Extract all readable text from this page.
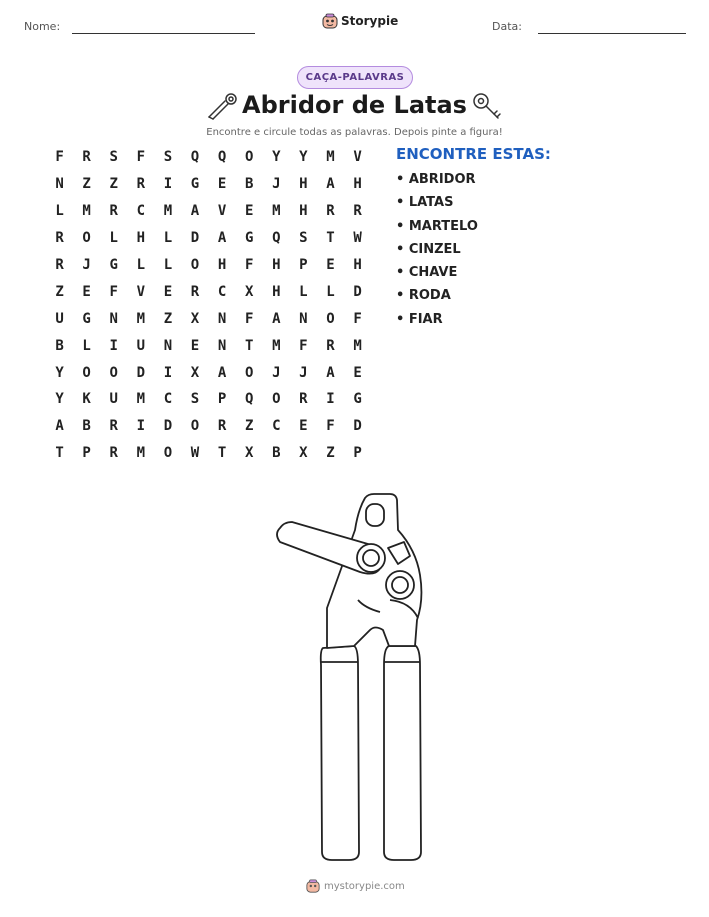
Nome:	Storypie	Data:
CAÇA-PALAVRAS
Abridor de Latas
Encontre e circule todas as palavras. Depois pinte a figura!
F	R	S	F	S	Q	Q	O	Y	Y	M	V
N	Z	Z	R	I	G	E	B	J	H	A	H
L	M	R	C	M	A	V	E	M	H	R	R
R	O	L	H	L	D	A	G	Q	S	T	W
R	J	G	L	L	O	H	F	H	P	E	H
Z	E	F	V	E	R	C	X	H	L	L	D
U	G	N	M	Z	X	N	F	A	N	O	F
B	L	I	U	N	E	N	T	M	F	R	M
Y	O	O	D	I	X	A	O	J	J	A	E
Y	K	U	M	C	S	P	Q	O	R	I	G
A	B	R	I	D	O	R	Z	C	E	F	D
T	P	R	M	O	W	T	X	B	X	Z	P
ENCONTRE ESTAS:
• ABRIDOR
• LATAS
• MARTELO
• CINZEL
• CHAVE
• RODA
• FIAR
mystorypie.com
